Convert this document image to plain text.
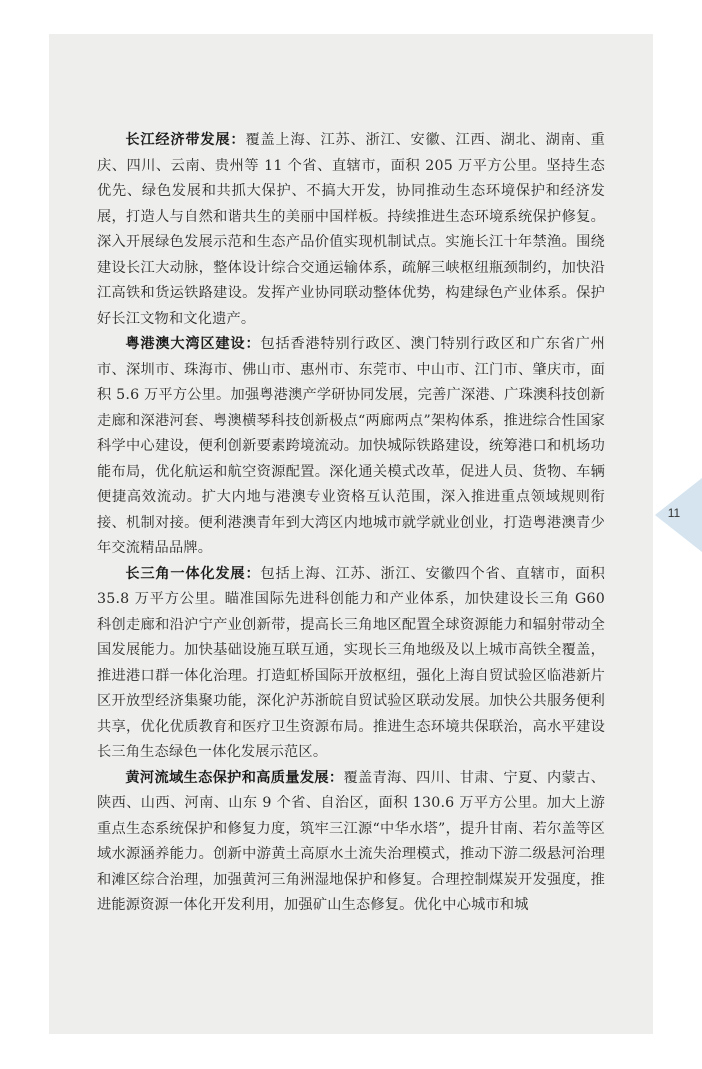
长江经济带发展：覆盖上海、江苏、浙江、安徽、江西、湖北、湖南、重庆、四川、云南、贵州等 11 个省、直辖市，面积 205 万平方公里。坚持生态优先、绿色发展和共抓大保护、不搞大开发，协同推动生态环境保护和经济发展，打造人与自然和谐共生的美丽中国样板。持续推进生态环境系统保护修复。深入开展绿色发展示范和生态产品价值实现机制试点。实施长江十年禁渔。围绕建设长江大动脉，整体设计综合交通运输体系，疏解三峡枢纽瓶颈制约，加快沿江高铁和货运铁路建设。发挥产业协同联动整体优势，构建绿色产业体系。保护好长江文物和文化遗产。

粤港澳大湾区建设：包括香港特别行政区、澳门特别行政区和广东省广州市、深圳市、珠海市、佛山市、惠州市、东莞市、中山市、江门市、肇庆市，面积 5.6 万平方公里。加强粤港澳产学研协同发展，完善广深港、广珠澳科技创新走廊和深港河套、粤澳横琴科技创新极点“两廊两点”架构体系，推进综合性国家科学中心建设，便利创新要素跨境流动。加快城际铁路建设，统筹港口和机场功能布局，优化航运和航空资源配置。深化通关模式改革，促进人员、货物、车辆便捷高效流动。扩大内地与港澳专业资格互认范围，深入推进重点领域规则衔接、机制对接。便利港澳青年到大湾区内地城市就学就业创业，打造粤港澳青少年交流精品品牌。

长三角一体化发展：包括上海、江苏、浙江、安徽四个省、直辖市，面积 35.8 万平方公里。瞄准国际先进科创能力和产业体系，加快建设长三角 G60 科创走廊和沿沪宁产业创新带，提高长三角地区配置全球资源能力和辐射带动全国发展能力。加快基础设施互联互通，实现长三角地级及以上城市高铁全覆盖，推进港口群一体化治理。打造虹桥国际开放枢纽，强化上海自贸试验区临港新片区开放型经济集聚功能，深化沪苏浙皖自贸试验区联动发展。加快公共服务便利共享，优化优质教育和医疗卫生资源布局。推进生态环境共保联治，高水平建设长三角生态绿色一体化发展示范区。

黄河流域生态保护和高质量发展：覆盖青海、四川、甘肃、宁夏、内蒙古、陕西、山西、河南、山东 9 个省、自治区，面积 130.6 万平方公里。加大上游重点生态系统保护和修复力度，筑牢三江源“中华水塔”，提升甘南、若尔盖等区域水源涵养能力。创新中游黄土高原水土流失治理模式，推动下游二级悬河治理和滩区综合治理，加强黄河三角洲湿地保护和修复。合理控制煤炭开发强度，推进能源资源一体化开发利用，加强矿山生态修复。优化中心城市和城

11
